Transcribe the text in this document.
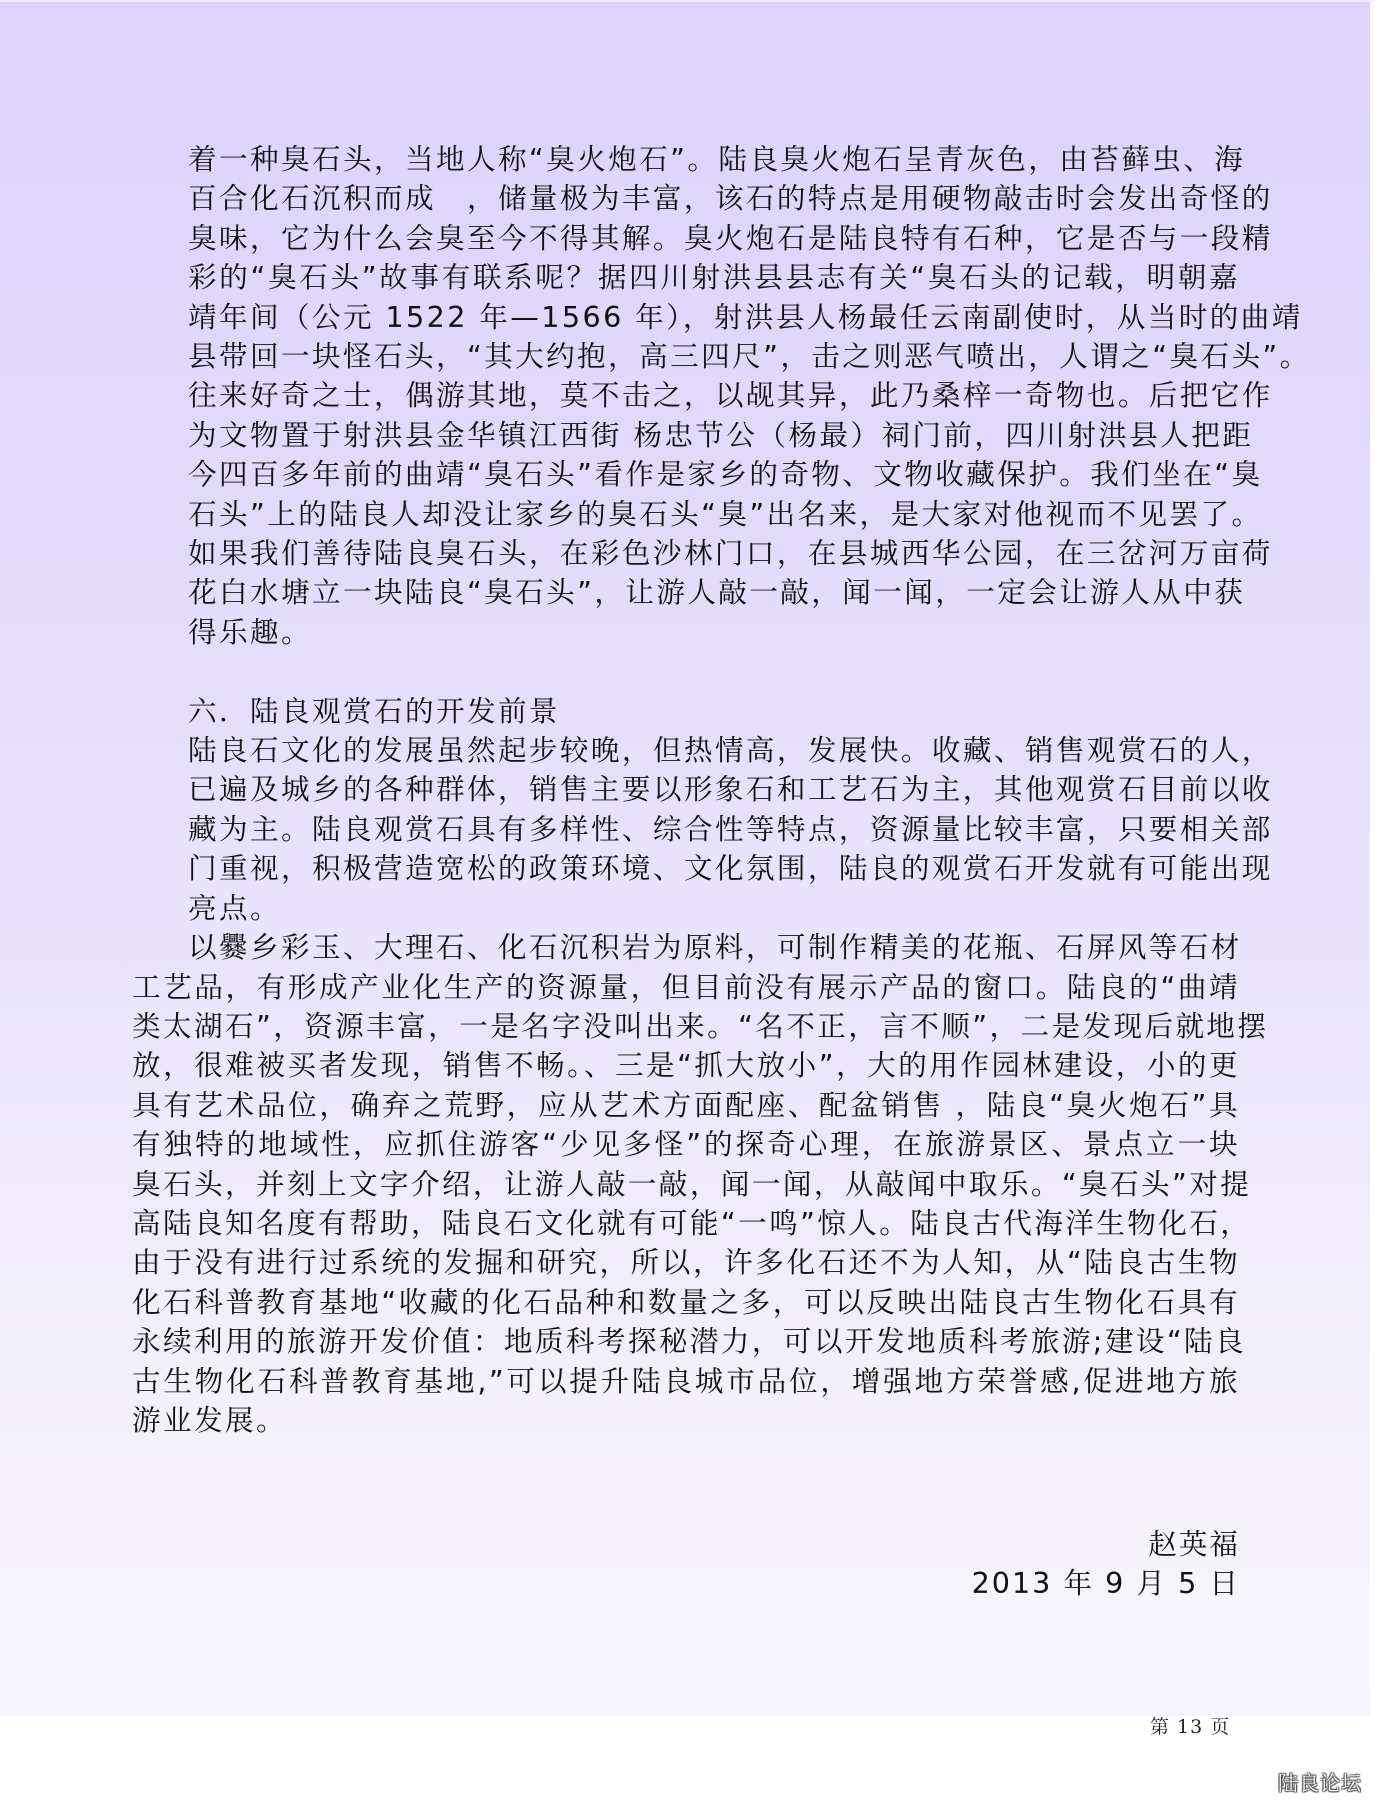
着一种臭石头，当地人称“臭火炮石”。陆良臭火炮石呈青灰色，由苔藓虫、海
百合化石沉积而成　，储量极为丰富，该石的特点是用硬物敲击时会发出奇怪的
臭味，它为什么会臭至今不得其解。臭火炮石是陆良特有石种，它是否与一段精
彩的“臭石头”故事有联系呢？据四川射洪县县志有关“臭石头的记载，明朝嘉
靖年间（公元 1522 年—1566 年），射洪县人杨最任云南副使时，从当时的曲靖
县带回一块怪石头，“其大约抱，高三四尺”，击之则恶气喷出，人谓之“臭石头”。
往来好奇之士，偶游其地，莫不击之，以觇其异，此乃桑梓一奇物也。后把它作
为文物置于射洪县金华镇江西街 杨忠节公（杨最）祠门前，四川射洪县人把距
今四百多年前的曲靖“臭石头”看作是家乡的奇物、文物收藏保护。我们坐在“臭
石头”上的陆良人却没让家乡的臭石头“臭”出名来，是大家对他视而不见罢了。
如果我们善待陆良臭石头，在彩色沙林门口，在县城西华公园，在三岔河万亩荷
花白水塘立一块陆良“臭石头”，让游人敲一敲，闻一闻，一定会让游人从中获
得乐趣。
六．陆良观赏石的开发前景
陆良石文化的发展虽然起步较晚，但热情高，发展快。收藏、销售观赏石的人，
已遍及城乡的各种群体，销售主要以形象石和工艺石为主，其他观赏石目前以收
藏为主。陆良观赏石具有多样性、综合性等特点，资源量比较丰富，只要相关部
门重视，积极营造宽松的政策环境、文化氛围，陆良的观赏石开发就有可能出现
亮点。
以爨乡彩玉、大理石、化石沉积岩为原料，可制作精美的花瓶、石屏风等石材
工艺品，有形成产业化生产的资源量，但目前没有展示产品的窗口。陆良的“曲靖
类太湖石”，资源丰富，一是名字没叫出来。“名不正，言不顺”，二是发现后就地摆
放，很难被买者发现，销售不畅。、三是“抓大放小”，大的用作园林建设，小的更
具有艺术品位，确弃之荒野，应从艺术方面配座、配盆销售 ，陆良“臭火炮石”具
有独特的地域性，应抓住游客“少见多怪”的探奇心理，在旅游景区、景点立一块
臭石头，并刻上文字介绍，让游人敲一敲，闻一闻，从敲闻中取乐。“臭石头”对提
高陆良知名度有帮助，陆良石文化就有可能“一鸣”惊人。陆良古代海洋生物化石，
由于没有进行过系统的发掘和研究，所以，许多化石还不为人知，从“陆良古生物
化石科普教育基地“收藏的化石品种和数量之多，可以反映出陆良古生物化石具有
永续利用的旅游开发价值：地质科考探秘潜力，可以开发地质科考旅游;建设“陆良
古生物化石科普教育基地,”可以提升陆良城市品位，增强地方荣誉感,促进地方旅
游业发展。
赵英福
2013 年 9 月 5 日
第 13 页
陆良论坛
